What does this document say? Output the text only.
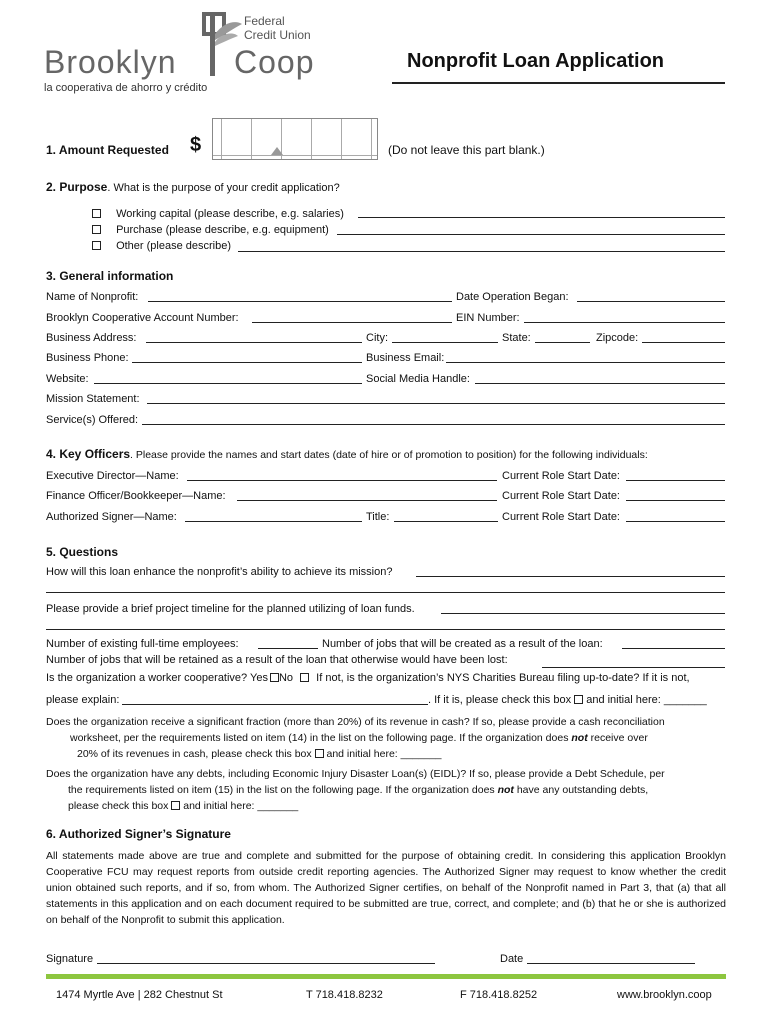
Federal
Credit Union
Brooklyn Coop
la cooperativa de ahorro y crédito
Nonprofit Loan Application
1. Amount Requested $	(Do not leave this part blank.)
2. Purpose. What is the purpose of your credit application?
Working capital (please describe, e.g. salaries)
Purchase (please describe, e.g. equipment)
Other (please describe)
3. General information
Name of Nonprofit:	Date Operation Began:
Brooklyn Cooperative Account Number:	EIN Number:
Business Address:	City:	State:	Zipcode:
Business Phone:	Business Email:
Website:	Social Media Handle:
Mission Statement:
Service(s) Offered:
4. Key Officers. Please provide the names and start dates (date of hire or of promotion to position) for the following individuals:
Executive Director—Name:	Current Role Start Date:
Finance Officer/Bookkeeper—Name:	Current Role Start Date:
Authorized Signer—Name:	Title:	Current Role Start Date:
5. Questions
How will this loan enhance the nonprofit’s ability to achieve its mission?
Please provide a brief project timeline for the planned utilizing of loan funds.
Number of existing full-time employees:	Number of jobs that will be created as a result of the loan:
Number of jobs that will be retained as a result of the loan that otherwise would have been lost:
Is the organization a worker cooperative? Yes No If not, is the organization’s NYS Charities Bureau filing up-to-date? If it is not,
please explain:	. If it is, please check this box and initial here: _______
Does the organization receive a significant fraction (more than 20%) of its revenue in cash? If so, please provide a cash reconciliation
worksheet, per the requirements listed on item (14) in the list on the following page. If the organization does not receive over
20% of its revenues in cash, please check this box and initial here: _______
Does the organization have any debts, including Economic Injury Disaster Loan(s) (EIDL)? If so, please provide a Debt Schedule, per
the requirements listed on item (15) in the list on the following page. If the organization does not have any outstanding debts,
please check this box and initial here: _______
6. Authorized Signer’s Signature

All statements made above are true and complete and submitted for the purpose of obtaining credit. In considering this application Brooklyn Cooperative FCU may request reports from outside credit reporting agencies. The Authorized Signer may request to know whether the credit union obtained such reports, and if so, from whom. The Authorized Signer certifies, on behalf of the Nonprofit named in Part 3, that (a) that all statements in this application and on each document required to be submitted are true, correct, and complete; and (b) that he or she is authorized on behalf of the Nonprofit to submit this application.

Signature	Date
1474 Myrtle Ave | 282 Chestnut St	T 718.418.8232	F 718.418.8252	www.brooklyn.coop
